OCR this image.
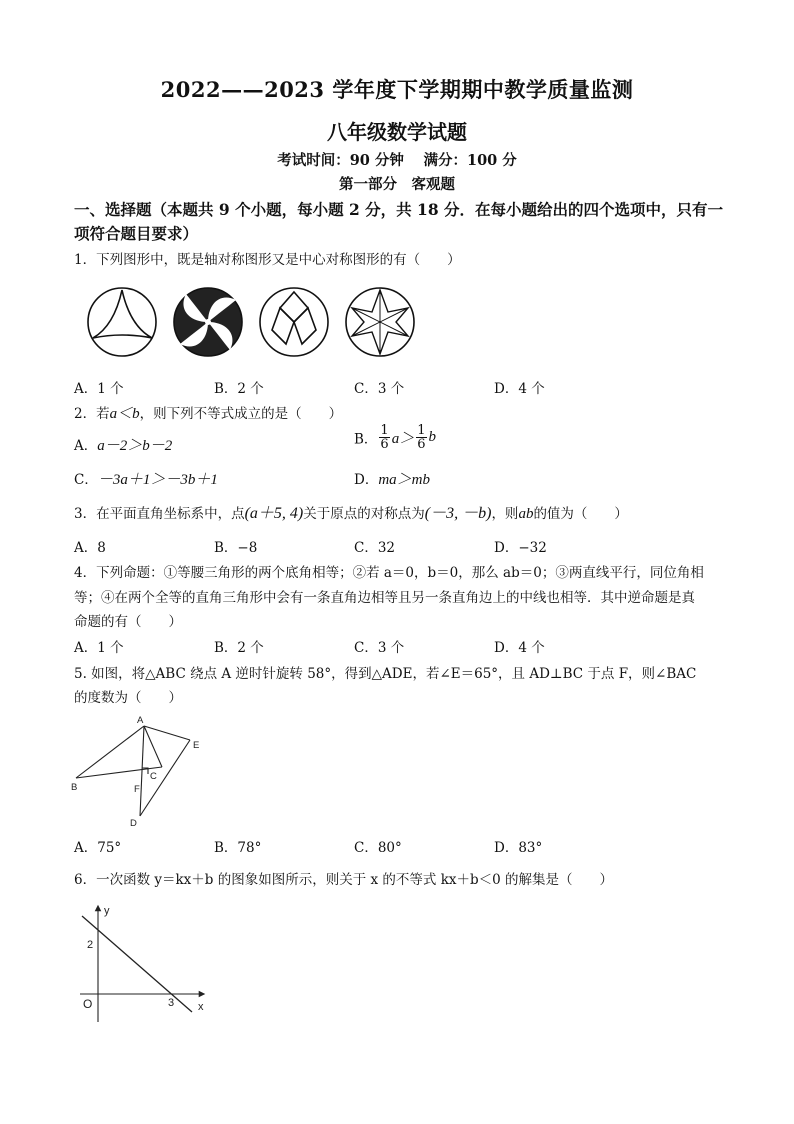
2022——2023 学年度下学期期中教学质量监测
八年级数学试题
考试时间：90 分钟　 满分：100 分
第一部分　客观题
一、选择题（本题共 9 个小题，每小题 2 分，共 18 分．在每小题给出的四个选项中，只有一
项符合题目要求）
1．下列图形中，既是轴对称图形又是中心对称图形的有（　　）
A．1 个	B．2 个	C．3 个	D．4 个
2．若a＜b，则下列不等式成立的是（　　）
A．a－2＞b－2	B． $\frac{1}{6} a> \frac{1}{6}$ b
C．－3a＋1＞－3b＋1	D．ma＞mb
3．在平面直角坐标系中，点(a＋5, 4)关于原点的对称点为(－3, －b)，则ab的值为（　　）
A．8	B．−8	C．32	D．−32
4．下列命题：①等腰三角形的两个底角相等；②若 a＝0，b＝0，那么 ab＝0；③两直线平行，同位角相
等；④在两个全等的直角三角形中会有一条直角边相等且另一条直角边上的中线也相等．其中逆命题是真
命题的有（　　）
A．1 个	B．2 个	C．3 个	D．4 个
5. 如图，将△ABC 绕点 A 逆时针旋转 58°，得到△ADE，若∠E＝65°，且 AD⊥BC 于点 F，则∠BAC
的度数为（　　）
A
B
C
D
E
F
A．75°	B．78°	C．80°	D．83°
6．一次函数 y＝kx＋b 的图象如图所示，则关于 x 的不等式 kx＋b＜0 的解集是（　　）
y
x
O
2
3
